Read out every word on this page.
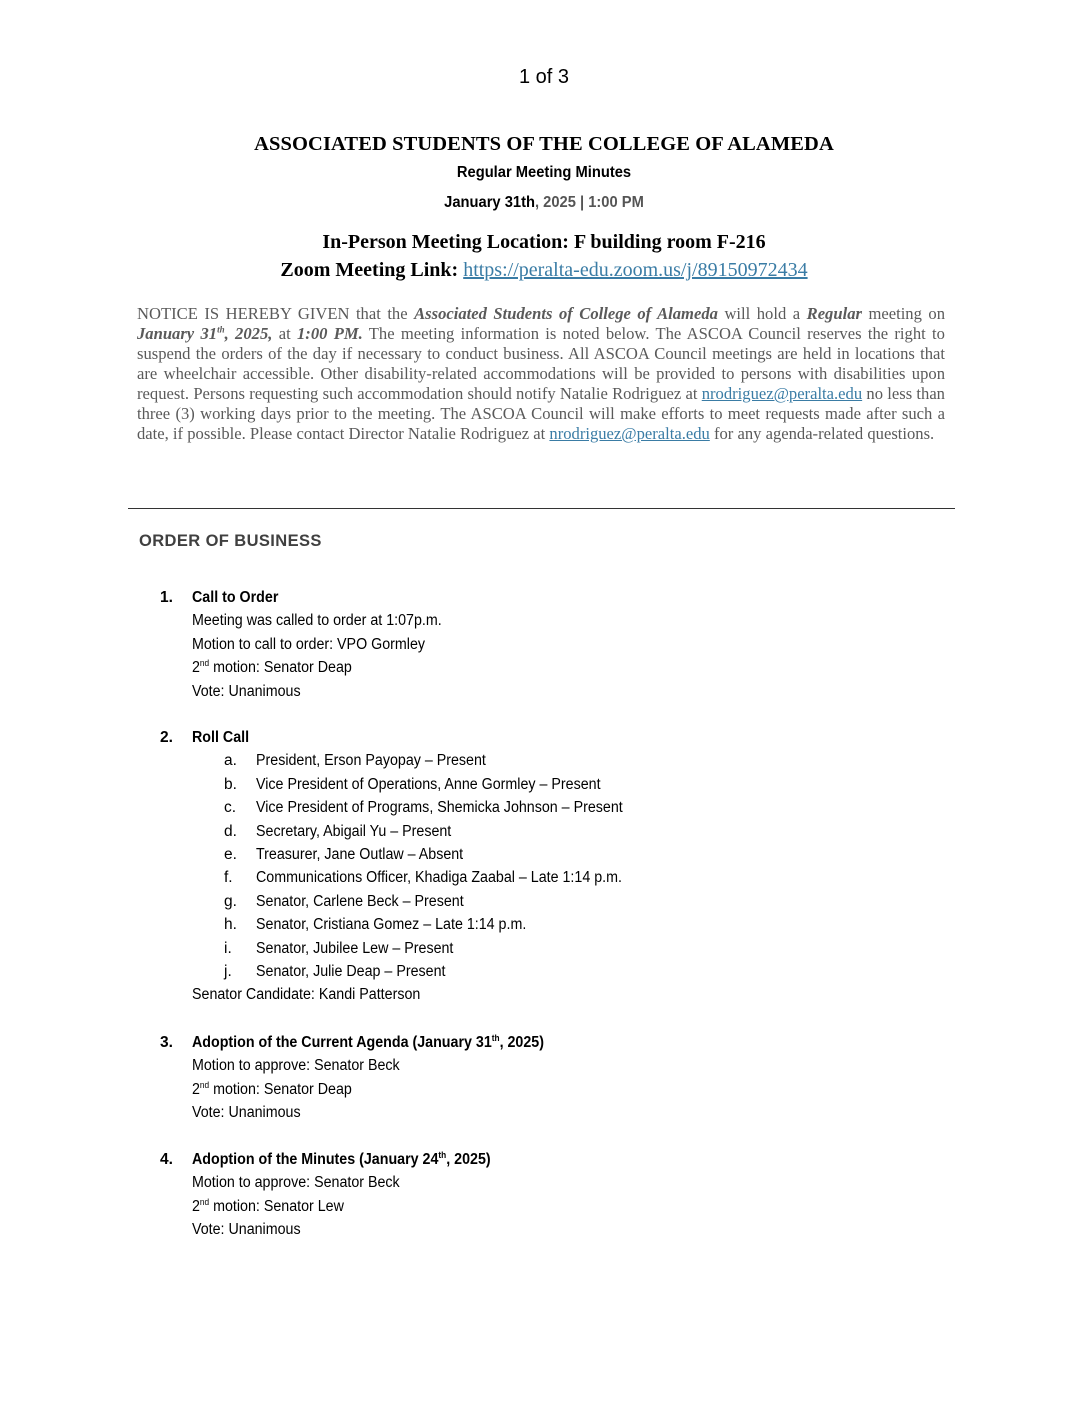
1 of 3
ASSOCIATED STUDENTS OF THE COLLEGE OF ALAMEDA
Regular Meeting Minutes
January 31th, 2025 | 1:00 PM
In-Person Meeting Location: F building room F-216
Zoom Meeting Link: https://peralta-edu.zoom.us/j/89150972434
NOTICE IS HEREBY GIVEN that the Associated Students of College of Alameda will hold a Regular meeting on January 31th, 2025, at 1:00 PM. The meeting information is noted below. The ASCOA Council reserves the right to suspend the orders of the day if necessary to conduct business. All ASCOA Council meetings are held in locations that are wheelchair accessible. Other disability-related accommodations will be provided to persons with disabilities upon request. Persons requesting such accommodation should notify Natalie Rodriguez at nrodriguez@peralta.edu no less than three (3) working days prior to the meeting. The ASCOA Council will make efforts to meet requests made after such a date, if possible. Please contact Director Natalie Rodriguez at nrodriguez@peralta.edu for any agenda-related questions.
ORDER OF BUSINESS
1. Call to Order
Meeting was called to order at 1:07p.m.
Motion to call to order: VPO Gormley
2nd motion: Senator Deap
Vote: Unanimous
2. Roll Call
a. President, Erson Payopay – Present
b. Vice President of Operations, Anne Gormley – Present
c. Vice President of Programs, Shemicka Johnson – Present
d. Secretary, Abigail Yu – Present
e. Treasurer, Jane Outlaw – Absent
f. Communications Officer, Khadiga Zaabal – Late 1:14 p.m.
g. Senator, Carlene Beck – Present
h. Senator, Cristiana Gomez – Late 1:14 p.m.
i. Senator, Jubilee Lew – Present
j. Senator, Julie Deap – Present
Senator Candidate: Kandi Patterson
3. Adoption of the Current Agenda (January 31th, 2025)
Motion to approve: Senator Beck
2nd motion: Senator Deap
Vote: Unanimous
4. Adoption of the Minutes (January 24th, 2025)
Motion to approve: Senator Beck
2nd motion: Senator Lew
Vote: Unanimous
